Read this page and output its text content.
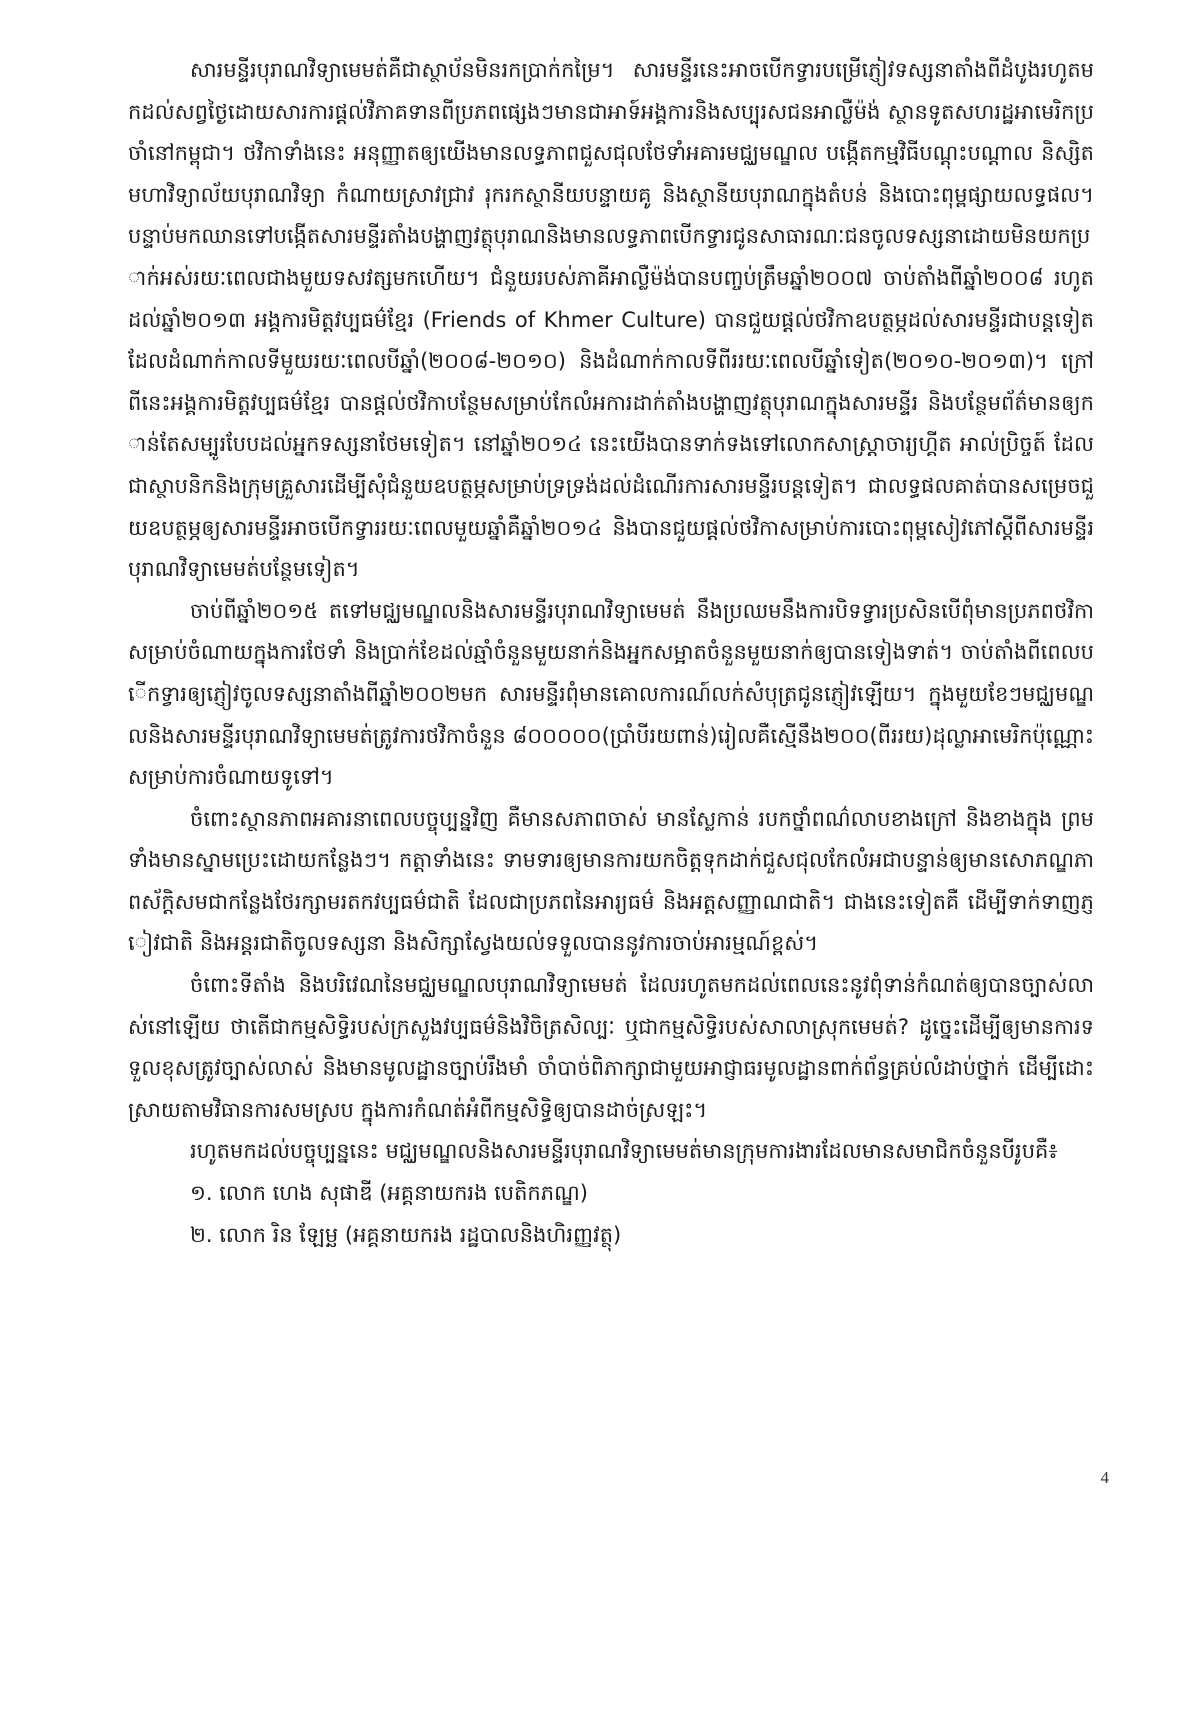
សារមន្ទីរបុរាណវិទ្យាមេមត់គឺជាស្ថាប័នមិនរកប្រាក់កម្រៃ។ សារមន្ទីរនេះអាចបើកទ្វារបម្រើភ្ញៀវទស្សនាតាំងពីដំបូងរហូតមកដល់សព្វថ្ងៃដោយសារការផ្តល់វិភាគទានពីប្រភពផ្សេងៗមានជាអាទ៍អង្គការនិងសប្បុរសជនអាល្លឺម៉ង់ ស្ថានទូតសហរដ្ឋអាមេរិកប្រចាំនៅកម្ពុជា។ ថវិកាទាំងនេះ អនុញ្ញាតឲ្យយើងមានលទ្ធភាពជួសជុលថែទាំអគារមជ្ឈមណ្ឌល បង្កើតកម្មវិធីបណ្តុះបណ្តាល និស្សិតមហាវិទ្យាល័យបុរាណវិទ្យា កំណាយស្រាវជ្រាវ រុករកស្ថានីយបន្ទាយគូ និងស្ថានីយបុរាណក្នុងតំបន់ និងបោះពុម្ពផ្សាយលទ្ធផល។ បន្ទាប់មកឈានទៅបង្កើតសារមន្ទីរតាំងបង្ហាញវត្ថុបុរាណនិងមានលទ្ធភាពបើកទ្វារជូនសាធារណៈជនចូលទស្សនាដោយមិនយកប្រាក់អស់រយៈពេលជាងមួយទសវត្សមកហើយ។ ជំនួយរបស់ភាគីអាល្លឺម៉ង់បានបញ្ចប់ត្រឹមឆ្នាំ២០០៧ ចាប់តាំងពីឆ្នាំ២០០៨ រហូតដល់ឆ្នាំ២០១៣ អង្គការមិត្តវប្បធម៌ខ្មែរ (Friends of Khmer Culture) បានជួយផ្តល់ថវិកាឧបត្ថម្ភដល់សារមន្ទីរជាបន្តទៀត ដែលដំណាក់កាលទីមួយរយៈពេលបីឆ្នាំ(២០០៨-២០១០) និងដំណាក់កាលទីពីររយៈពេលបីឆ្នាំទៀត(២០១០-២០១៣)។ ក្រៅពីនេះអង្គការមិត្តវប្បធម៌ខ្មែរ បានផ្តល់ថវិកាបន្ថែមសម្រាប់កែលំអការដាក់តាំងបង្ហាញវត្ថុបុរាណក្នុងសារមន្ទីរ និងបន្ថែមព័ត៌មានឲ្យកាន់តែសម្បូរបែបដល់អ្នកទស្សនាថែមទៀត។ នៅឆ្នាំ២០១៤ នេះយើងបានទាក់ទងទៅលោកសាស្ត្រាចារ្យហ្គីត អាល់ប្រិច្ចត៍ ដែលជាស្ថាបនិកនិងក្រុមគ្រួសារដើម្បីសុំជំនួយឧបត្ថម្ភសម្រាប់ទ្រទ្រង់ដល់ដំណើរការសារមន្ទីរបន្តទៀត។ ជាលទ្ធផលគាត់បានសម្រេចជួយឧបត្ថម្ភឲ្យសារមន្ទីរអាចបើកទ្វាររយៈពេលមួយឆ្នាំគឺឆ្នាំ២០១៤ និងបានជួយផ្តល់ថវិកាសម្រាប់ការបោះពុម្ពសៀវភៅស្តីពីសារមន្ទីរបុរាណវិទ្យាមេមត់បន្ថែមទៀត។

ចាប់ពីឆ្នាំ២០១៥ តទៅមជ្ឈមណ្ឌលនិងសារមន្ទីរបុរាណវិទ្យាមេមត់ នឹងប្រឈមនឹងការបិទទ្វារប្រសិនបើពុំមានប្រភពថវិកាសម្រាប់ចំណាយក្នុងការថែទាំ និងប្រាក់ខែដល់ឆ្មាំចំនួនមួយនាក់និងអ្នកសម្អាតចំនួនមួយនាក់ឲ្យបានទៀងទាត់។ ចាប់តាំងពីពេលបើកទ្វារឲ្យភ្ញៀវចូលទស្សនាតាំងពីឆ្នាំ២០០២មក សារមន្ទីរពុំមានគោលការណ៍លក់សំបុត្រជូនភ្ញៀវឡើយ។ ក្នុងមួយខែៗមជ្ឈមណ្ឌលនិងសារមន្ទីរបុរាណវិទ្យាមេមត់ត្រូវការថវិកាចំនួន ៨០០០០០(ប្រាំបីរយពាន់)រៀលគឺស្មើនឹង២០០(ពីររយ)ដុល្លាអាមេរិកប៉ុណ្ណោះសម្រាប់ការចំណាយទូទៅ។

ចំពោះស្ថានភាពអគារនាពេលបច្ចុប្បន្នវិញ គឺមានសភាពចាស់ មានស្លែកាន់ របកថ្នាំពណ៌លាបខាងក្រៅ និងខាងក្នុង ព្រមទាំងមានស្នាមប្រេះដោយកន្លែងៗ។ កត្តាទាំងនេះ ទាមទារឲ្យមានការយកចិត្តទុកដាក់ជួសជុលកែលំអជាបន្ទាន់ឲ្យមានសោភណ្ឌភាពស័ក្តិសមជាកន្លែងថែរក្សាមរតកវប្បធម៌ជាតិ ដែលជាប្រភពនៃអារ្យធម៌ និងអត្តសញ្ញាណជាតិ។ ជាងនេះទៀតគឺ ដើម្បីទាក់ទាញភ្ញៀវជាតិ និងអន្តរជាតិចូលទស្សនា និងសិក្សាស្វែងយល់ទទួលបាននូវការចាប់អារម្មណ៍ខ្ពស់។

ចំពោះទីតាំង និងបរិវេណនៃមជ្ឈមណ្ឌលបុរាណវិទ្យាមេមត់ ដែលរហូតមកដល់ពេលនេះនូវពុំទាន់កំណត់ឲ្យបានច្បាស់លាស់នៅឡើយ ថាតើជាកម្មសិទ្ធិរបស់ក្រសួងវប្បធម៌និងវិចិត្រសិល្បៈ ឬជាកម្មសិទ្ធិរបស់សាលាស្រុកមេមត់? ដូច្នេះដើម្បីឲ្យមានការទទួលខុសត្រូវច្បាស់លាស់ និងមានមូលដ្ឋានច្បាប់រឹងមាំ ចាំបាច់ពិភាក្សាជាមួយអាជ្ញាធរមូលដ្ឋានពាក់ព័ន្ធគ្រប់លំដាប់ថ្នាក់ ដើម្បីដោះស្រាយតាមវិធានការសមស្រប ក្នុងការកំណត់អំពីកម្មសិទ្ធិឲ្យបានដាច់ស្រឡះ។

រហូតមកដល់បច្ចុប្បន្ននេះ មជ្ឈមណ្ឌលនិងសារមន្ទីរបុរាណវិទ្យាមេមត់មានក្រុមការងារដែលមានសមាជិកចំនួនបីរូបគឺ៖

១. លោក ហេង សុផាឌី (អគ្គនាយករង បេតិកភណ្ឌ)
២. លោក រិន ឡែម្ឆ (អគ្គនាយករង រដ្ឋបាលនិងហិរញ្ញវត្ថុ)
4
